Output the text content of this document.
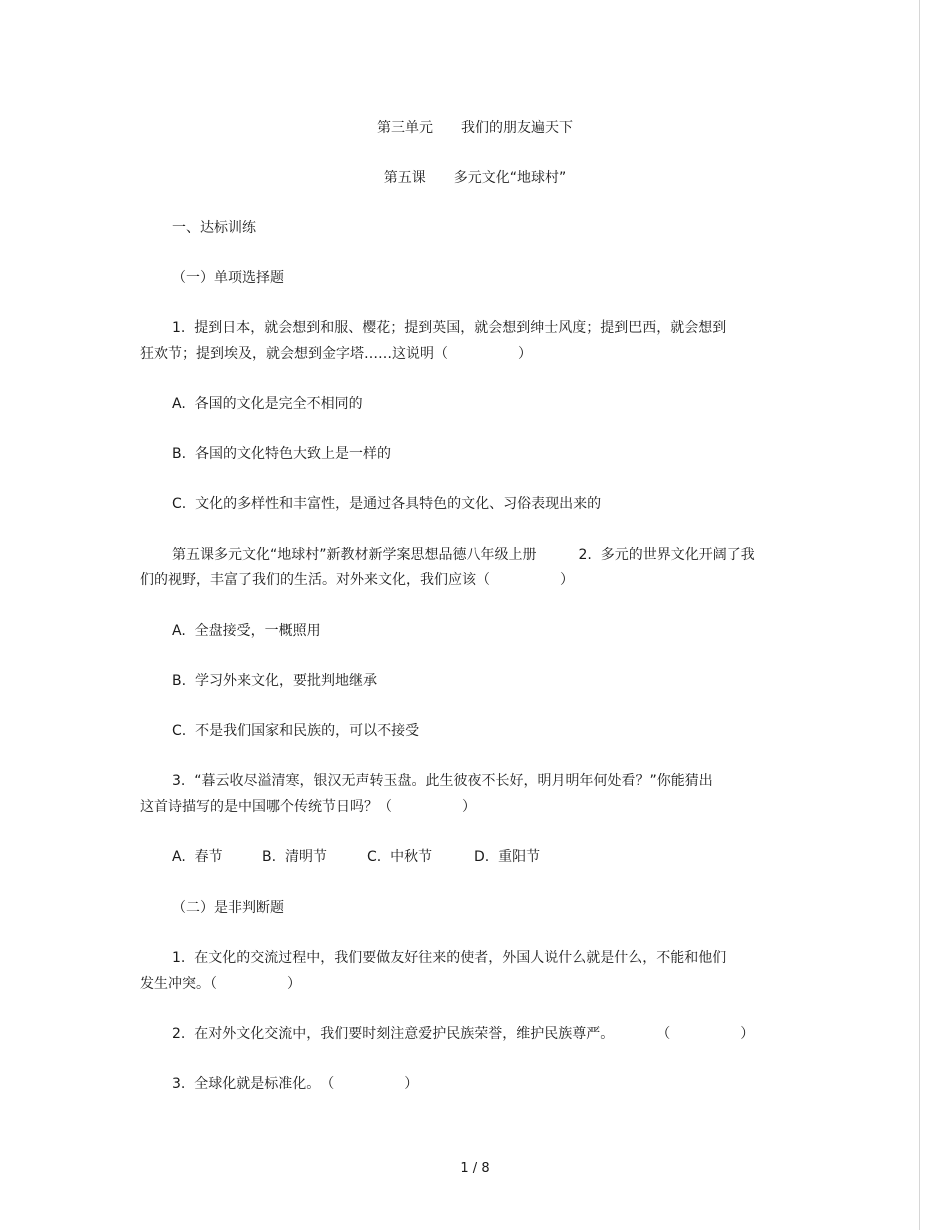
第三单元　　我们的朋友遍天下
第五课　　多元文化“地球村”
一、达标训练
（一）单项选择题
1.  提到日本，就会想到和服、樱花；提到英国，就会想到绅士风度；提到巴西，就会想到
狂欢节；提到埃及，就会想到金字塔……这说明（　　　　　）
A.  各国的文化是完全不相同的
B.  各国的文化特色大致上是一样的
C.  文化的多样性和丰富性，是通过各具特色的文化、习俗表现出来的
第五课多元文化“地球村”新教材新学案思想品德八年级上册　　　2.  多元的世界文化开阔了我
们的视野，丰富了我们的生活。对外来文化，我们应该（　　　　　）
A.  全盘接受，一概照用
B.  学习外来文化，要批判地继承
C.  不是我们国家和民族的，可以不接受
3.  “暮云收尽溢清寒，银汉无声转玉盘。此生彼夜不长好，明月明年何处看？”你能猜出
这首诗描写的是中国哪个传统节日吗？（　　　　　）
A.  春节	B.  清明节	C.  中秋节	D.  重阳节
（二）是非判断题
1.  在文化的交流过程中，我们要做友好往来的使者，外国人说什么就是什么，不能和他们
发生冲突。（　　　　　）
2.  在对外文化交流中，我们要时刻注意爱护民族荣誉，维护民族尊严。　　　　（　　　　　）
3.  全球化就是标准化。　（　　　　　）
1 / 8
